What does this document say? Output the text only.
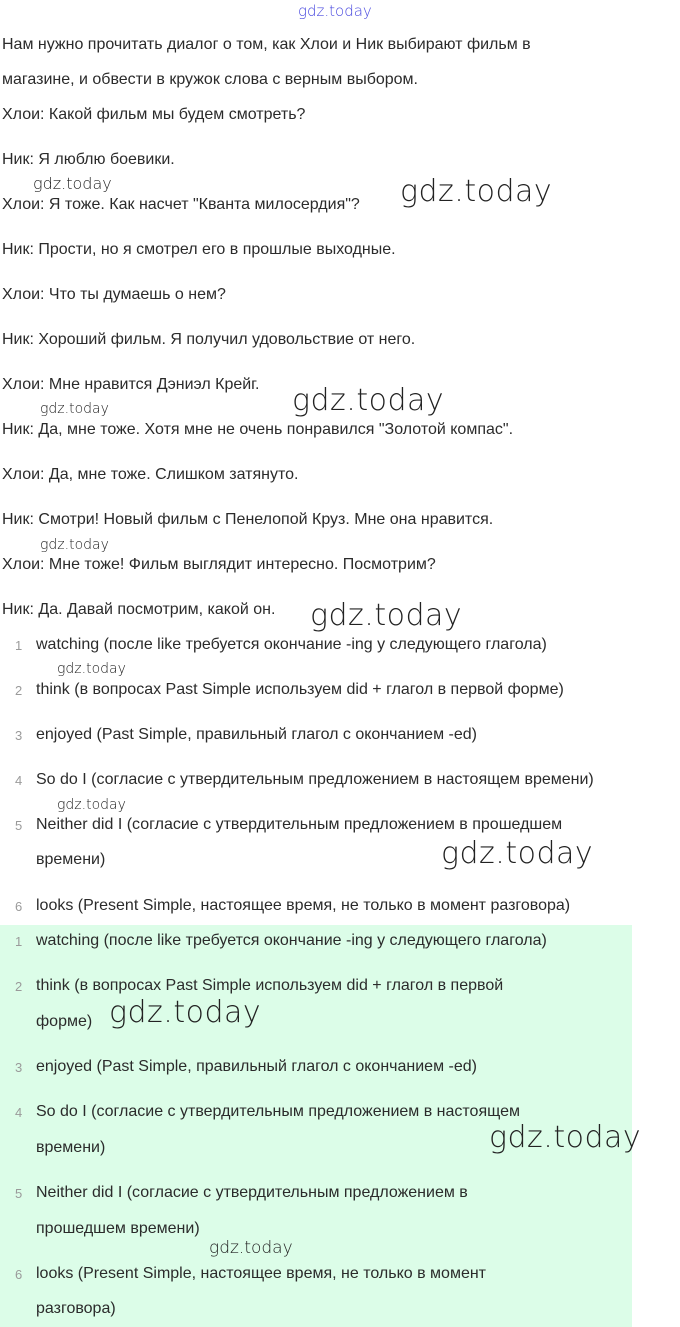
gdz.today
Нам нужно прочитать диалог о том, как Хлои и Ник выбирают фильм в
магазине, и обвести в кружок слова с верным выбором.
Хлои: Какой фильм мы будем смотреть?
Ник: Я люблю боевики.
Хлои: Я тоже. Как насчет "Кванта милосердия"?
Ник: Прости, но я смотрел его в прошлые выходные.
Хлои: Что ты думаешь о нем?
Ник: Хороший фильм. Я получил удовольствие от него.
Хлои: Мне нравится Дэниэл Крейг.
Ник: Да, мне тоже. Хотя мне не очень понравился "Золотой компас".
Хлои: Да, мне тоже. Слишком затянуто.
Ник: Смотри! Новый фильм с Пенелопой Круз. Мне она нравится.
Хлои: Мне тоже! Фильм выглядит интересно. Посмотрим?
Ник: Да. Давай посмотрим, какой он.
1 watching (после like требуется окончание -ing у следующего глагола)
2 think (в вопросах Past Simple используем did + глагол в первой форме)
3 enjoyed (Past Simple, правильный глагол с окончанием -ed)
4 So do I (согласие с утвердительным предложением в настоящем времени)
5 Neither did I (согласие с утвердительным предложением в прошедшем
времени)
6 looks (Present Simple, настоящее время, не только в момент разговора)
1 watching (после like требуется окончание -ing у следующего глагола)
2 think (в вопросах Past Simple используем did + глагол в первой
форме)
3 enjoyed (Past Simple, правильный глагол с окончанием -ed)
4 So do I (согласие с утвердительным предложением в настоящем
времени)
5 Neither did I (согласие с утвердительным предложением в
прошедшем времени)
6 looks (Present Simple, настоящее время, не только в момент
разговора)
gdz.today	gdz.today
gdz.today	gdz.today
gdz.today
gdz.today
gdz.today
gdz.today
gdz.today
gdz.today
gdz.today
gdz.today
